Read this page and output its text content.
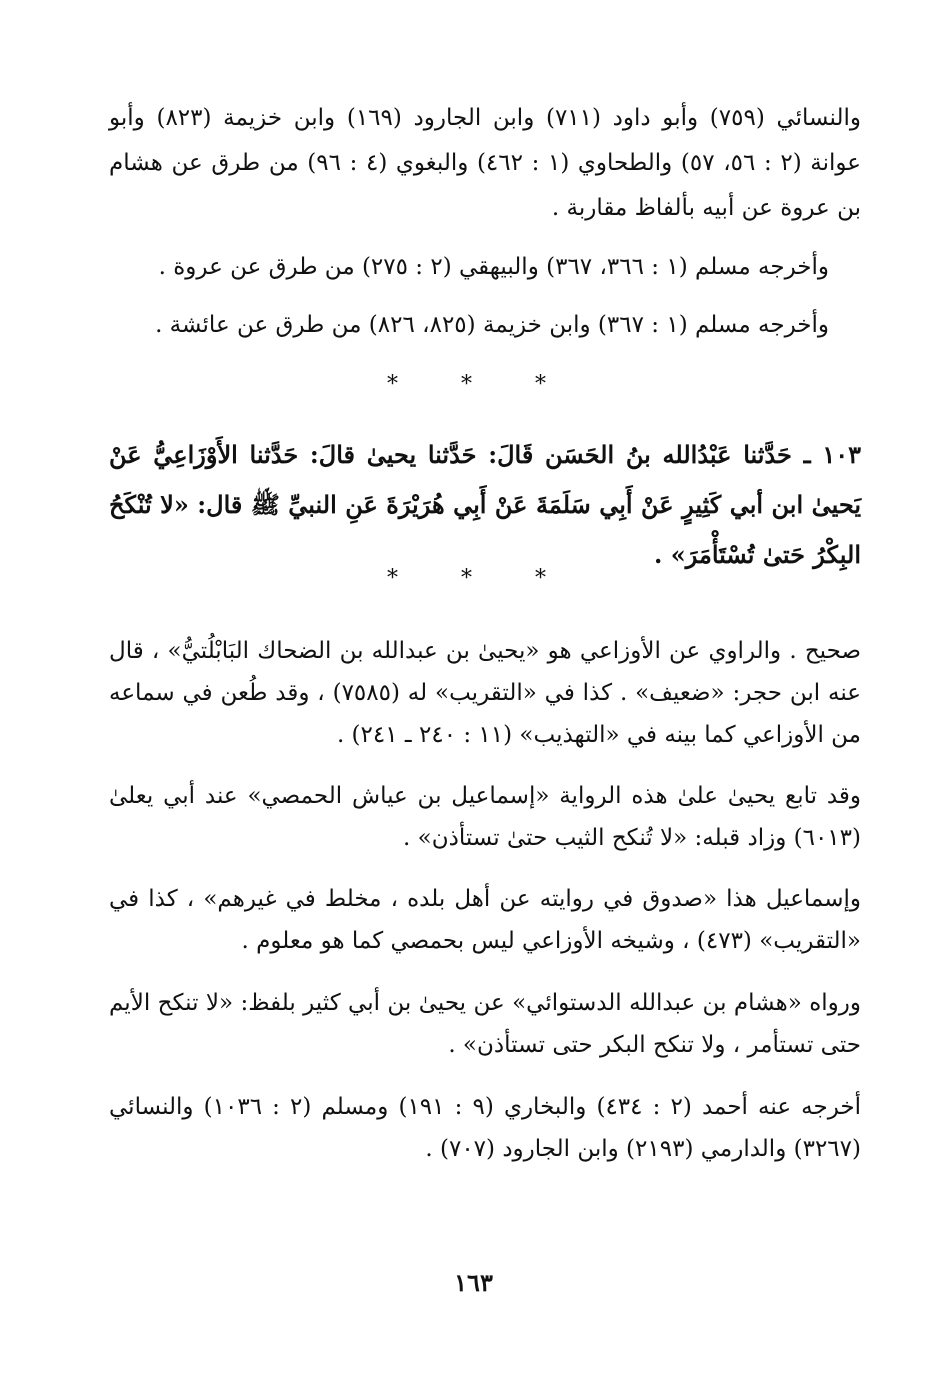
والنسائي (٧٥٩) وأبو داود (٧١١) وابن الجارود (١٦٩) وابن خزيمة (٨٢٣) وأبو عوانة (٢ : ٥٦، ٥٧) والطحاوي (١ : ٤٦٢) والبغوي (٤ : ٩٦) من طرق عن هشام بن عروة عن أبيه بألفاظ مقاربة .

وأخرجه مسلم (١ : ٣٦٦، ٣٦٧) والبيهقي (٢ : ٢٧٥) من طرق عن عروة .

وأخرجه مسلم (١ : ٣٦٧) وابن خزيمة (٨٢٥، ٨٢٦) من طرق عن عائشة .

* * *

١٠٣ ـ حَدَّثنا عَبْدُالله بنُ الحَسَن قَالَ: حَدَّثنا يحيىٰ قالَ: حَدَّثنا الأَوْزَاعِيُّ عَنْ يَحيىٰ ابن أبي كَثِيرٍ عَنْ أَبِي سَلَمَةَ عَنْ أَبِي هُرَيْرَةَ عَنِ النبيِّ ﷺ قال: «لا تُنْكَحُ البِكْرُ حَتىٰ تُسْتَأْمَرَ» .

* * *

صحيح . والراوي عن الأوزاعي هو «يحيىٰ بن عبدالله بن الضحاك البَابْلُتيُّ» ، قال عنه ابن حجر: «ضعيف» . كذا في «التقريب» له (٧٥٨٥) ، وقد طُعن في سماعه من الأوزاعي كما بينه في «التهذيب» (١١ : ٢٤٠ ـ ٢٤١) .

وقد تابع يحيىٰ علىٰ هذه الرواية «إسماعيل بن عياش الحمصي» عند أبي يعلىٰ (٦٠١٣) وزاد قبله: «لا تُنكح الثيب حتىٰ تستأذن» .

وإسماعيل هذا «صدوق في روايته عن أهل بلده ، مخلط في غيرهم» ، كذا في «التقريب» (٤٧٣) ، وشيخه الأوزاعي ليس بحمصي كما هو معلوم .

ورواه «هشام بن عبدالله الدستوائي» عن يحيىٰ بن أبي كثير بلفظ: «لا تنكح الأيم حتى تستأمر ، ولا تنكح البكر حتى تستأذن» .

أخرجه عنه أحمد (٢ : ٤٣٤) والبخاري (٩ : ١٩١) ومسلم (٢ : ١٠٣٦) والنسائي (٣٢٦٧) والدارمي (٢١٩٣) وابن الجارود (٧٠٧) .

١٦٣
